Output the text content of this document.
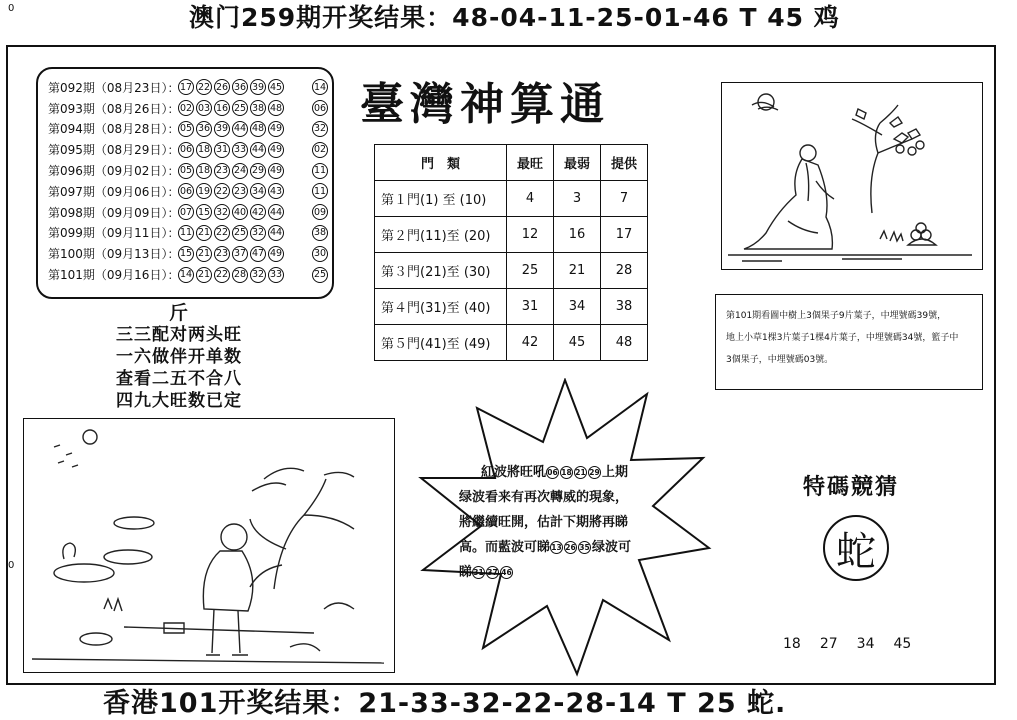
澳门259期开奖结果：48-04-11-25-01-46 T 45 鸡
香港101开奖结果：21-33-32-22-28-14 T 25 蛇.
0
0
第092期（08月23日）： 17 22 26 36 39 45	14
第093期（08月26日）： 02 03 16 25 38 48	06
第094期（08月28日）： 05 36 39 44 48 49	32
第095期（08月29日）： 06 18 31 33 44 49	02
第096期（09月02日）： 05 18 23 24 29 49	11
第097期（09月06日）： 06 19 22 23 34 43	11
第098期（09月09日）： 07 15 32 40 42 44	09
第099期（09月11日）： 11 21 22 25 32 44	38
第100期（09月13日）： 15 21 23 37 47 49	30
第101期（09月16日）： 14 21 22 28 32 33	25
臺灣神算通
門　類	最旺	最弱	提供
第１門(1) 至 (10)	4	3	7
第２門(11)至 (20)	12	16	17
第３門(21)至 (30)	25	21	28
第４門(31)至 (40)	31	34	38
第５門(41)至 (49)	42	45	48
斤
三三配对两头旺
一六做伴开单数
查看二五不合八
四九大旺数已定
第101期看圖中樹上3個果子9片葉子，中埋號碼39號，
地上小草1棵3片葉子1棵4片葉子，中埋號碼34號，籃子中
3個果子，中埋號碼03號。
紅波將旺吼06 18 21 29 上期
绿波看来有再次轉威的現象，
將繼續旺開，估計下期將再睇
高。而藍波可睇13 26 35 绿波可
睇31 37 46
特碼競猜
蛇
18 27 34 45
